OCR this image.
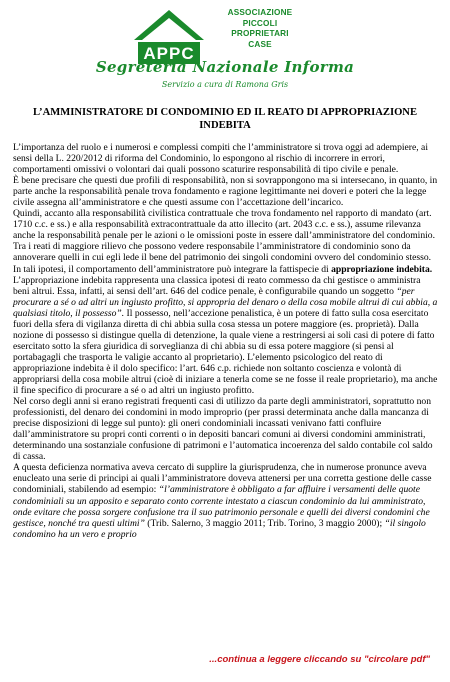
APPC
ASSOCIAZIONE
PICCOLI
PROPRIETARI
CASE
Segreteria Nazionale Informa
Servizio a cura di Ramona Gris
L’AMMINISTRATORE DI CONDOMINIO ED IL REATO DI APPROPRIAZIONE
INDEBITA

L’importanza del ruolo e i numerosi e complessi compiti che l’amministratore si trova oggi ad adempiere, ai sensi della L. 220/2012 di riforma del Condominio, lo espongono al rischio di incorrere in errori, comportamenti omissivi o volontari dai quali possono scaturire responsabilità di tipo civile e penale.

È bene precisare che questi due profili di responsabilità, non si sovrappongono ma si intersecano, in quanto, in parte anche la responsabilità penale trova fondamento e ragione legittimante nei doveri e poteri che la legge civile assegna all’amministratore e che questi assume con l’accettazione dell’incarico.

Quindi, accanto alla responsabilità civilistica contrattuale che trova fondamento nel rapporto di mandato (art. 1710 c.c. e ss.) e alla responsabilità extracontrattuale da atto illecito (art. 2043 c.c. e ss.), assume rilevanza anche la responsabilità penale per le azioni o le omissioni poste in essere dall’amministratore del condominio.

Tra i reati di maggiore rilievo che possono vedere responsabile l’amministratore di condominio sono da annoverare quelli in cui egli lede il bene del patrimonio dei singoli condomini ovvero del condominio stesso. In tali ipotesi, il comportamento dell’amministratore può integrare la fattispecie di appropriazione indebita.

L’appropriazione indebita rappresenta una classica ipotesi di reato commesso da chi gestisce o amministra beni altrui. Essa, infatti, ai sensi dell’art. 646 del codice penale, è configurabile quando un soggetto “per procurare a sé o ad altri un ingiusto profitto, si appropria del denaro o della cosa mobile altrui di cui abbia, a qualsiasi titolo, il possesso”. Il possesso, nell’accezione penalistica, è un potere di fatto sulla cosa esercitato fuori della sfera di vigilanza diretta di chi abbia sulla cosa stessa un potere maggiore (es. proprietà). Dalla nozione di possesso si distingue quella di detenzione, la quale viene a restringersi ai soli casi di potere di fatto esercitato sotto la sfera giuridica di sorveglianza di chi abbia su di essa potere maggiore (si pensi al portabagagli che trasporta le valigie accanto al proprietario). L’elemento psicologico del reato di appropriazione indebita è il dolo specifico: l’art. 646 c.p. richiede non soltanto coscienza e volontà di appropriarsi della cosa mobile altrui (cioè di iniziare a tenerla come se ne fosse il reale proprietario), ma anche il fine specifico di procurare a sé o ad altri un ingiusto profitto.

Nel corso degli anni si erano registrati frequenti casi di utilizzo da parte degli amministratori, soprattutto non professionisti, del denaro dei condomini in modo improprio (per prassi determinata anche dalla mancanza di precise disposizioni di legge sul punto): gli oneri condominiali incassati venivano fatti confluire dall’amministratore su propri conti correnti o in depositi bancari comuni ai diversi condomini amministrati, determinando una sostanziale confusione di patrimoni e l’automatica incoerenza del saldo contabile col saldo di cassa.

A questa deficienza normativa aveva cercato di supplire la giurisprudenza, che in numerose pronunce aveva enucleato una serie di principi ai quali l’amministratore doveva attenersi per una corretta gestione delle casse condominiali, stabilendo ad esempio: “l’amministratore è obbligato a far affluire i versamenti delle quote condominiali su un apposito e separato conto corrente intestato a ciascun condominio da lui amministrato, onde evitare che possa sorgere confusione tra il suo patrimonio personale e quelli dei diversi condomini che gestisce, nonché tra questi ultimi” (Trib. Salerno, 3 maggio 2011; Trib. Torino, 3 maggio 2000); “il singolo condomino ha un vero e proprio

...continua a leggere cliccando su "circolare pdf"
